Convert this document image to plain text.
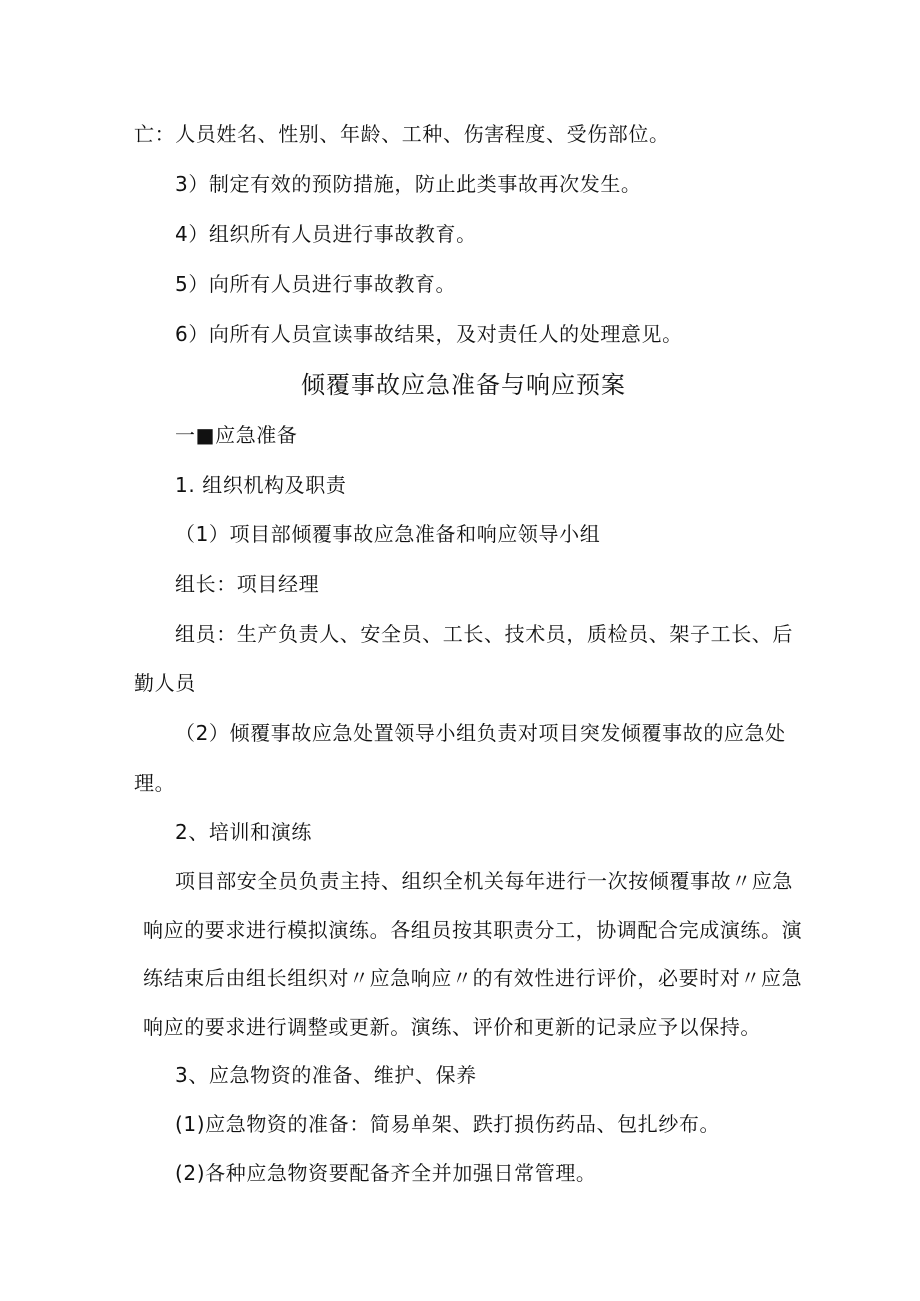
亡：人员姓名、性别、年龄、工种、伤害程度、受伤部位。
3）制定有效的预防措施，防止此类事故再次发生。
4）组织所有人员进行事故教育。
5）向所有人员进行事故教育。
6）向所有人员宣读事故结果，及对责任人的处理意见。
倾覆事故应急准备与响应预案
一■应急准备
1. 组织机构及职责
（1）项目部倾覆事故应急准备和响应领导小组
组长：项目经理
组员：生产负责人、安全员、工长、技术员，质检员、架子工长、后
勤人员
（2）倾覆事故应急处置领导小组负责对项目突发倾覆事故的应急处
理。
2、培训和演练
项目部安全员负责主持、组织全机关每年进行一次按倾覆事故〃应急
响应的要求进行模拟演练。各组员按其职责分工，协调配合完成演练。演
练结束后由组长组织对〃应急响应〃的有效性进行评价，必要时对〃应急
响应的要求进行调整或更新。演练、评价和更新的记录应予以保持。
3、应急物资的准备、维护、保养
(1)应急物资的准备：简易单架、跌打损伤药品、包扎纱布。
(2)各种应急物资要配备齐全并加强日常管理。
